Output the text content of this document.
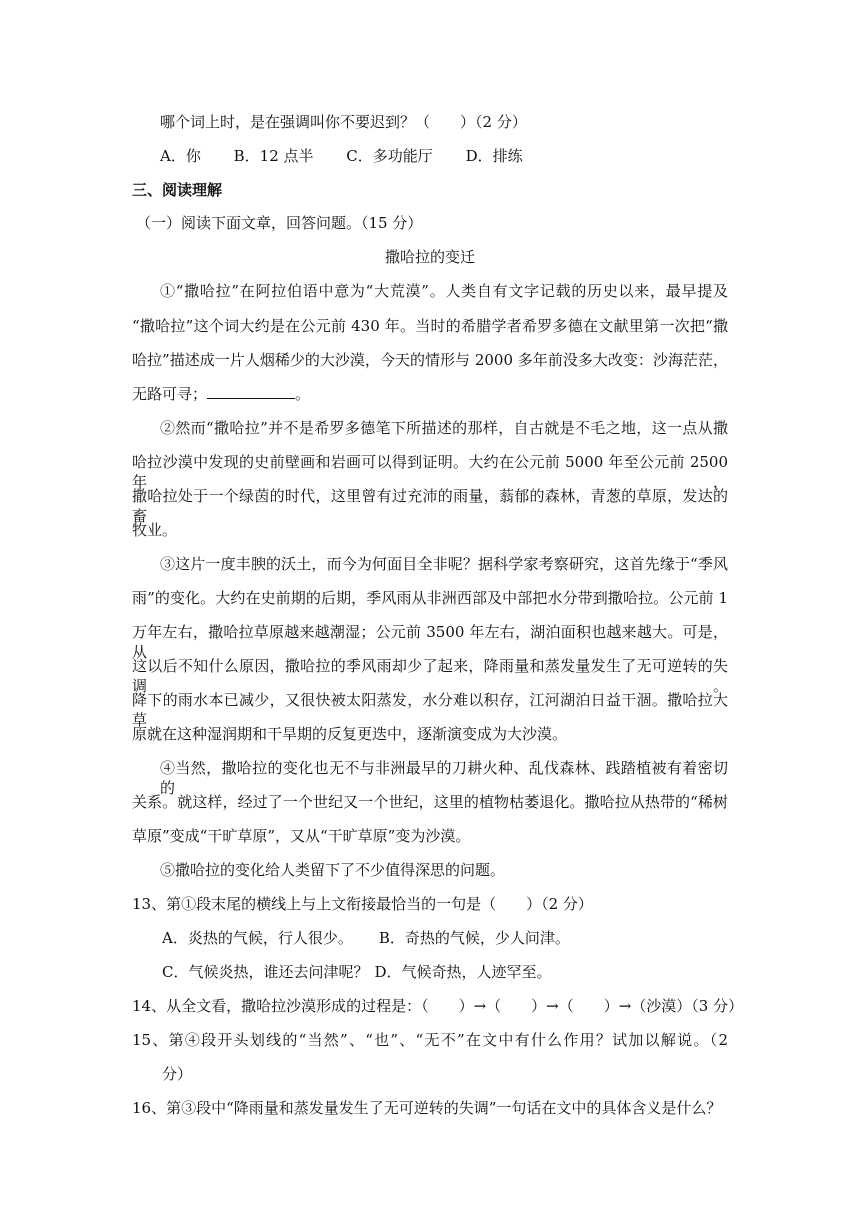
哪个词上时，是在强调叫你不要迟到？（　　）（2 分）
A．你 B．12 点半 C．多功能厅 D．排练
三、阅读理解
（一）阅读下面文章，回答问题。（15 分）
撒哈拉的变迁
①“撒哈拉”在阿拉伯语中意为“大荒漠”。人类自有文字记载的历史以来，最早提及
“撒哈拉”这个词大约是在公元前 430 年。当时的希腊学者希罗多德在文献里第一次把“撒
哈拉”描述成一片人烟稀少的大沙漠，今天的情形与 2000 多年前没多大改变：沙海茫茫，
无路可寻；	。
②然而“撒哈拉”并不是希罗多德笔下所描述的那样，自古就是不毛之地，这一点从撒
哈拉沙漠中发现的史前壁画和岩画可以得到证明。大约在公元前 5000 年至公元前 2500 年，
撒哈拉处于一个绿茵的时代，这里曾有过充沛的雨量，蓊郁的森林，青葱的草原，发达的畜
牧业。
③这片一度丰腴的沃土，而今为何面目全非呢？据科学家考察研究，这首先缘于“季风
雨”的变化。大约在史前期的后期，季风雨从非洲西部及中部把水分带到撒哈拉。公元前 1
万年左右，撒哈拉草原越来越潮湿；公元前 3500 年左右，湖泊面积也越来越大。可是，从
这以后不知什么原因，撒哈拉的季风雨却少了起来，降雨量和蒸发量发生了无可逆转的失调。
降下的雨水本已减少，又很快被太阳蒸发，水分难以积存，江河湖泊日益干涸。撒哈拉大草
原就在这种湿润期和干旱期的反复更迭中，逐渐演变成为大沙漠。
④当然，撒哈拉的变化也无不与非洲最早的刀耕火种、乱伐森林、践踏植被有着密切的
关系。就这样，经过了一个世纪又一个世纪，这里的植物枯萎退化。撒哈拉从热带的“稀树
草原”变成“干旷草原”，又从“干旷草原”变为沙漠。
⑤撒哈拉的变化给人类留下了不少值得深思的问题。
13、第①段末尾的横线上与上文衔接最恰当的一句是（　　）（2 分）
A．炎热的气候，行人很少。 B．奇热的气候，少人问津。
C．气候炎热，谁还去问津呢？ D．气候奇热，人迹罕至。
14、从全文看，撒哈拉沙漠形成的过程是：（　　）→（　　）→（　　）→（沙漠）（3 分）
15、第④段开头划线的“当然”、“也”、“无不”在文中有什么作用？试加以解说。（2
分）
16、第③段中“降雨量和蒸发量发生了无可逆转的失调”一句话在文中的具体含义是什么？
